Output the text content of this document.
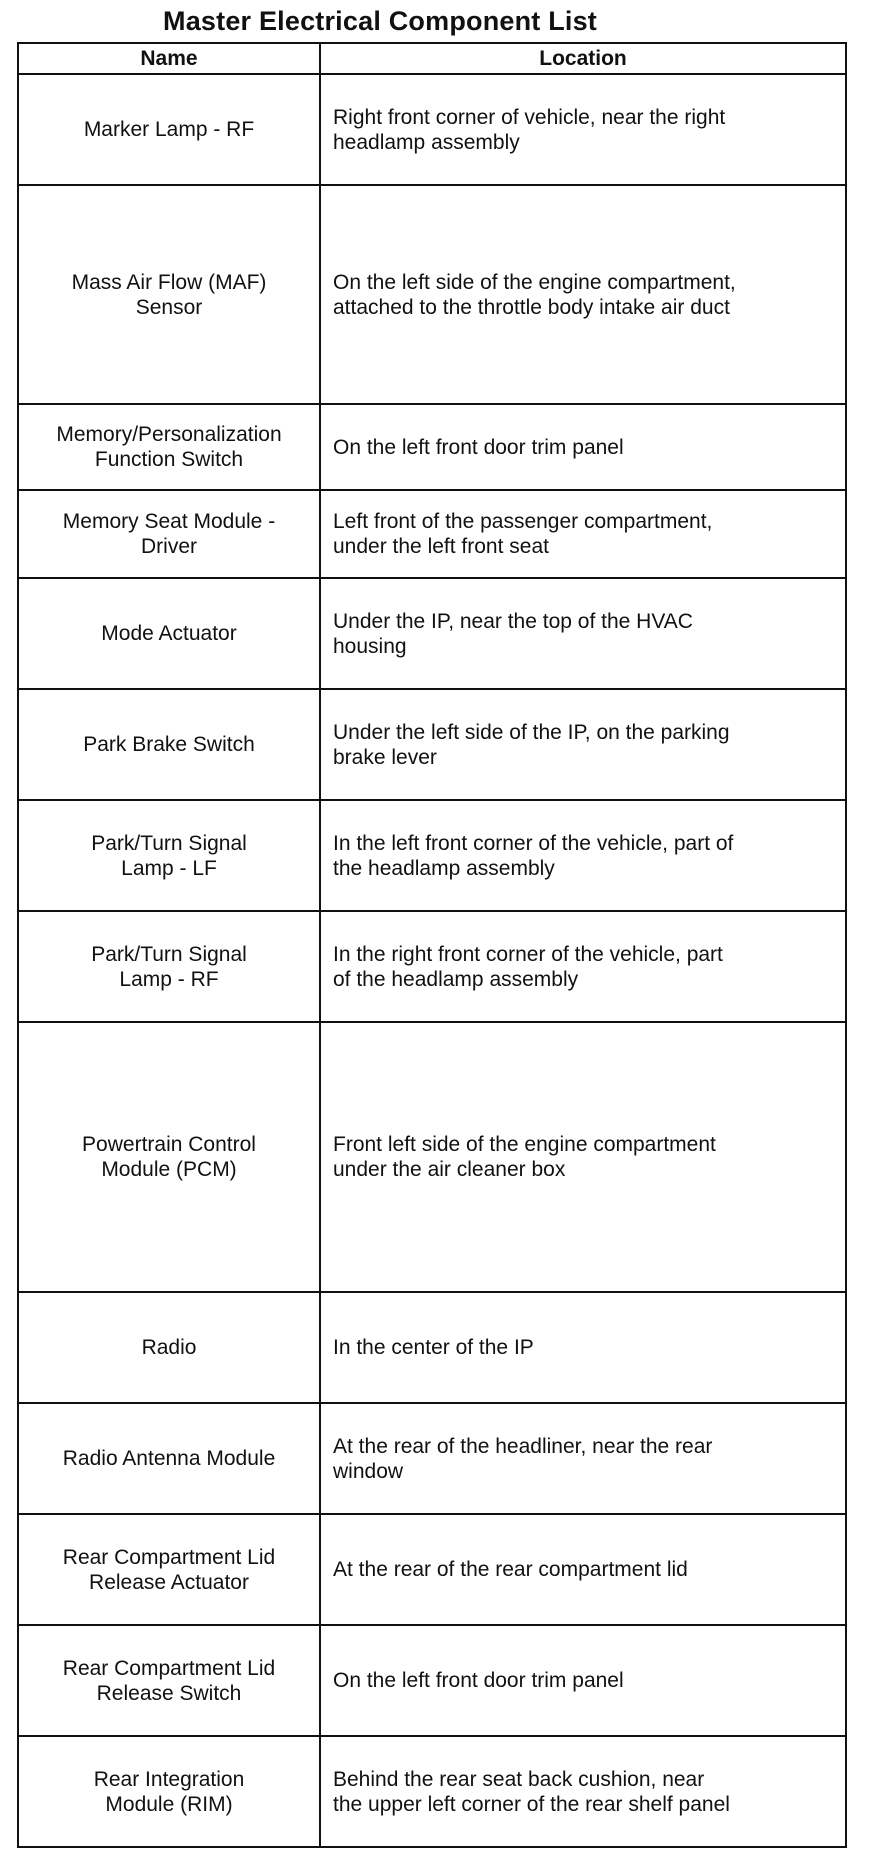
Master Electrical Component List
Name	Location

Marker Lamp - RF	Right front corner of vehicle, near the right
headlamp assembly

Mass Air Flow (MAF)
Sensor	On the left side of the engine compartment,
attached to the throttle body intake air duct

Memory/Personalization
Function Switch	On the left front door trim panel

Memory Seat Module -
Driver	Left front of the passenger compartment,
under the left front seat

Mode Actuator	Under the IP, near the top of the HVAC
housing

Park Brake Switch	Under the left side of the IP, on the parking
brake lever

Park/Turn Signal
Lamp - LF	In the left front corner of the vehicle, part of
the headlamp assembly

Park/Turn Signal
Lamp - RF	In the right front corner of the vehicle, part
of the headlamp assembly

Powertrain Control
Module (PCM)	Front left side of the engine compartment
under the air cleaner box

Radio	In the center of the IP

Radio Antenna Module	At the rear of the headliner, near the rear
window

Rear Compartment Lid
Release Actuator	At the rear of the rear compartment lid

Rear Compartment Lid
Release Switch	On the left front door trim panel

Rear Integration
Module (RIM)	Behind the rear seat back cushion, near
the upper left corner of the rear shelf panel
